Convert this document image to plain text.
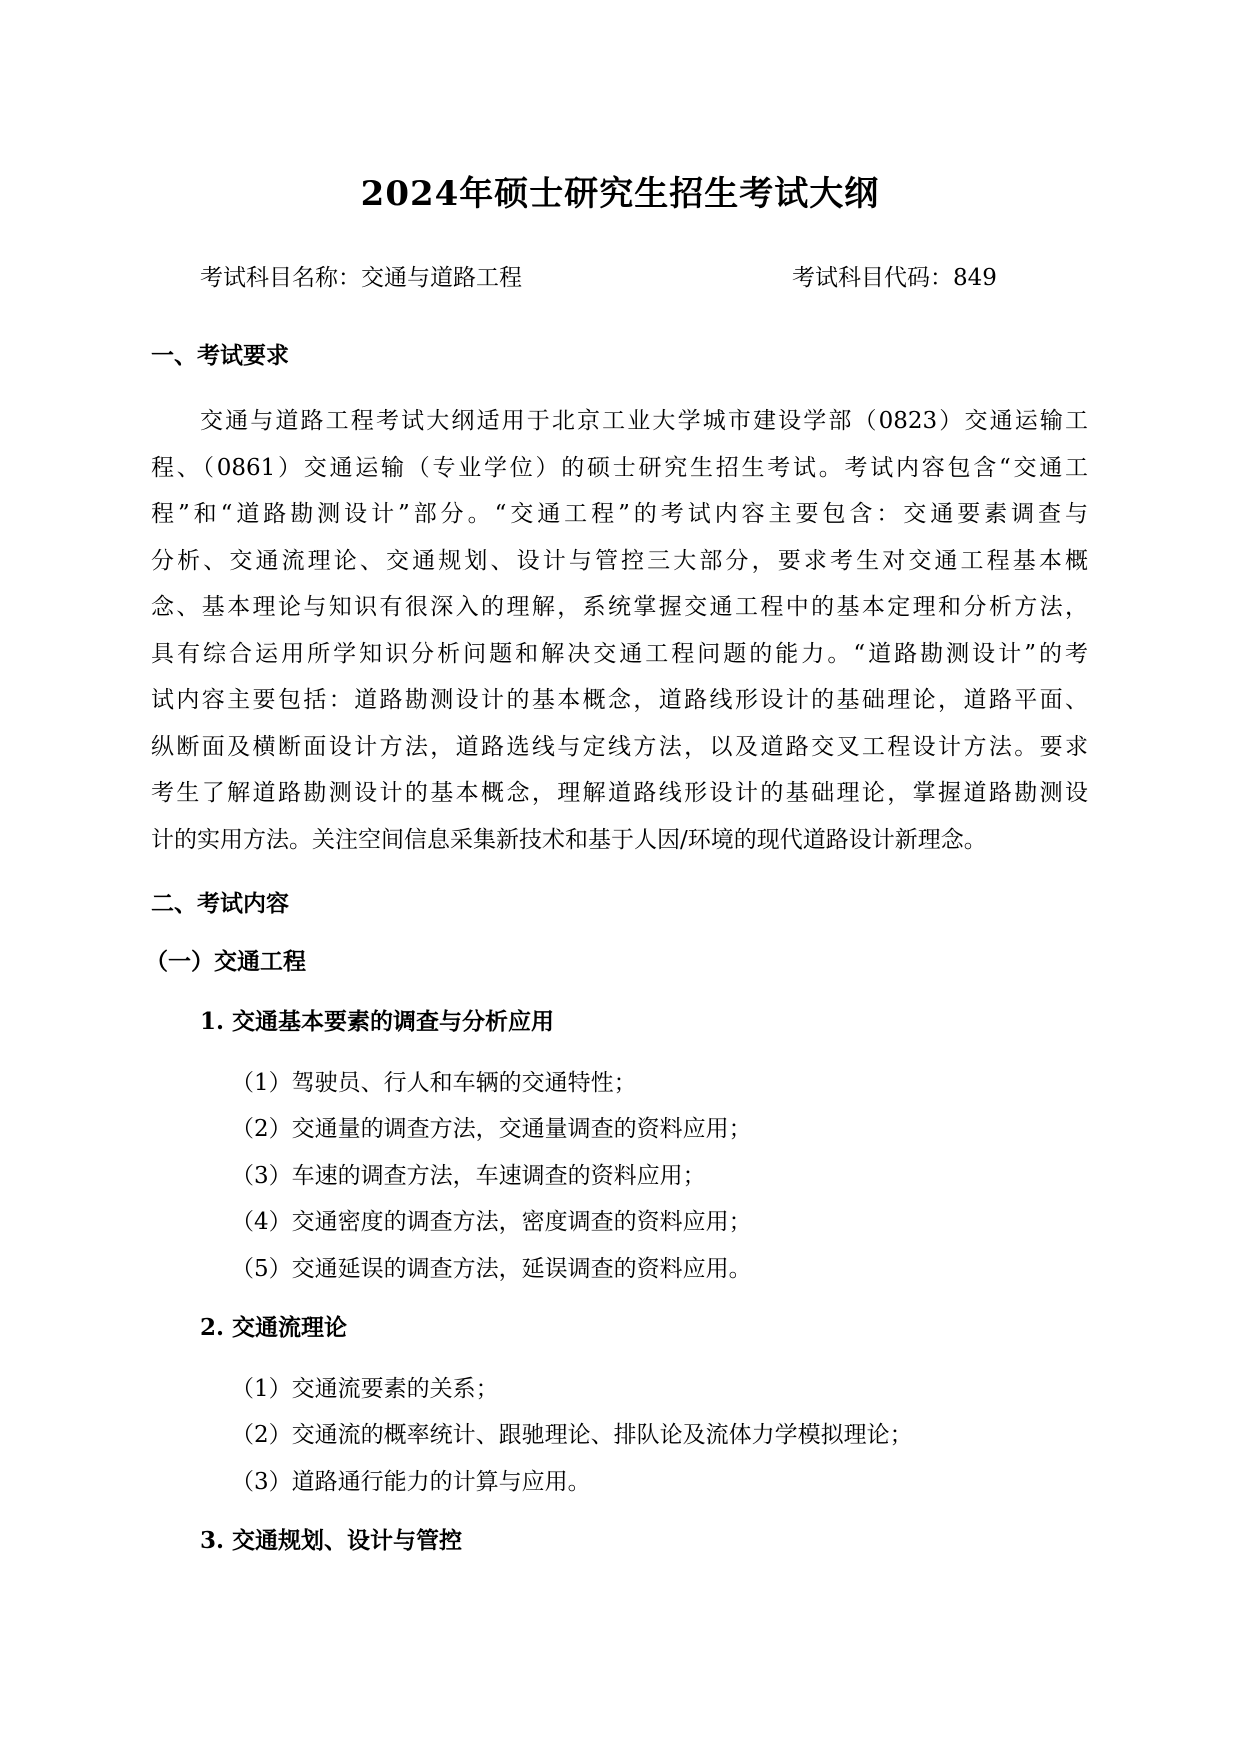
2024年硕士研究生招生考试大纲
考试科目名称：交通与道路工程	考试科目代码：849
一、考试要求
交通与道路工程考试大纲适用于北京工业大学城市建设学部（0823）交通运输工
程、（0861）交通运输（专业学位）的硕士研究生招生考试。考试内容包含“交通工
程”和“道路勘测设计”部分。“交通工程”的考试内容主要包含：交通要素调查与
分析、交通流理论、交通规划、设计与管控三大部分，要求考生对交通工程基本概
念、基本理论与知识有很深入的理解，系统掌握交通工程中的基本定理和分析方法，
具有综合运用所学知识分析问题和解决交通工程问题的能力。“道路勘测设计”的考
试内容主要包括：道路勘测设计的基本概念，道路线形设计的基础理论，道路平面、
纵断面及横断面设计方法，道路选线与定线方法，以及道路交叉工程设计方法。要求
考生了解道路勘测设计的基本概念，理解道路线形设计的基础理论，掌握道路勘测设
计的实用方法。关注空间信息采集新技术和基于人因/环境的现代道路设计新理念。
二、考试内容
（一）交通工程
1. 交通基本要素的调查与分析应用
（1）驾驶员、行人和车辆的交通特性；
（2）交通量的调查方法，交通量调查的资料应用；
（3）车速的调查方法，车速调查的资料应用；
（4）交通密度的调查方法，密度调查的资料应用；
（5）交通延误的调查方法，延误调查的资料应用。
2. 交通流理论
（1）交通流要素的关系；
（2）交通流的概率统计、跟驰理论、排队论及流体力学模拟理论；
（3）道路通行能力的计算与应用。
3. 交通规划、设计与管控
